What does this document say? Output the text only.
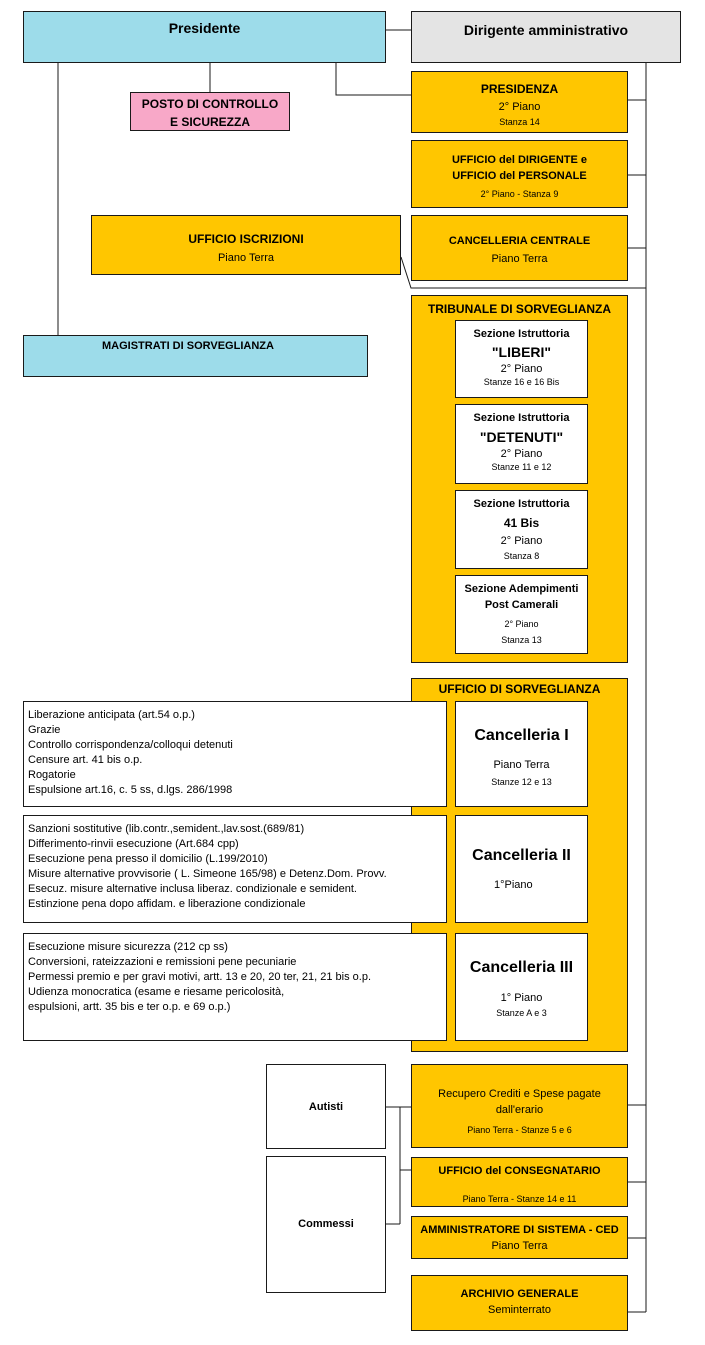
Presidente	Dirigente amministrativo
POSTO DI CONTROLLO E SICUREZZA
PRESIDENZA
2° Piano
Stanza 14
UFFICIO del DIRIGENTE e
UFFICIO del PERSONALE
2° Piano - Stanza 9
UFFICIO ISCRIZIONI
Piano Terra
CANCELLERIA CENTRALE
Piano Terra
MAGISTRATI DI SORVEGLIANZA
TRIBUNALE DI SORVEGLIANZA
Sezione Istruttoria
"LIBERI"
2° Piano
Stanze 16 e 16 Bis
Sezione Istruttoria
"DETENUTI"
2° Piano
Stanze 11 e 12
Sezione Istruttoria
41 Bis
2° Piano
Stanza 8
Sezione Adempimenti
Post Camerali
2° Piano
Stanza 13
UFFICIO DI SORVEGLIANZA
Cancelleria I
Piano Terra
Stanze 12 e 13
Cancelleria II
1°Piano
Cancelleria III
1° Piano
Stanze A e 3
Liberazione anticipata (art.54 o.p.)
Grazie
Controllo corrispondenza/colloqui detenuti
Censure art. 41 bis o.p.
Rogatorie
Espulsione art.16, c. 5 ss, d.lgs. 286/1998
Sanzioni sostitutive (lib.contr.,semident.,lav.sost.(689/81)
Differimento-rinvii esecuzione (Art.684 cpp)
Esecuzione pena presso il domicilio (L.199/2010)
Misure alternative provvisorie ( L. Simeone 165/98) e Detenz.Dom. Provv.
Esecuz. misure alternative inclusa liberaz. condizionale e semident.
Estinzione pena dopo affidam. e liberazione condizionale
Esecuzione misure sicurezza (212 cp ss)
Conversioni, rateizzazioni e remissioni pene pecuniarie
Permessi premio e per gravi motivi, artt. 13 e 20, 20 ter, 21, 21 bis o.p.
Udienza monocratica (esame e riesame pericolosità,
espulsioni, artt. 35 bis e ter o.p. e 69 o.p.)
Autisti
Commessi
Recupero Crediti e Spese pagate
dall'erario
Piano Terra - Stanze 5 e 6
UFFICIO del CONSEGNATARIO
Piano Terra - Stanze 14 e 11
AMMINISTRATORE DI SISTEMA - CED
Piano Terra
ARCHIVIO GENERALE
Seminterrato
